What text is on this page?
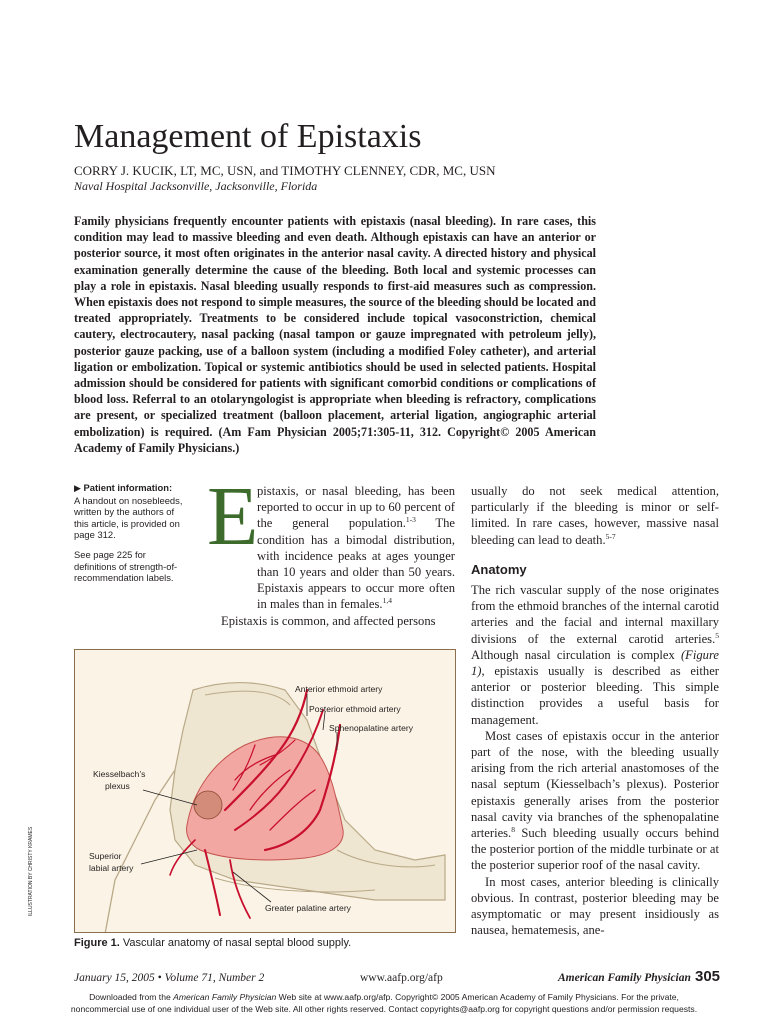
Management of Epistaxis
CORRY J. KUCIK, LT, MC, USN, and TIMOTHY CLENNEY, CDR, MC, USN
Naval Hospital Jacksonville, Jacksonville, Florida

Family physicians frequently encounter patients with epistaxis (nasal bleeding). In rare cases, this condition may lead to massive bleeding and even death. Although epistaxis can have an anterior or posterior source, it most often originates in the anterior nasal cavity. A directed history and physical examination generally determine the cause of the bleeding. Both local and systemic processes can play a role in epistaxis. Nasal bleeding usually responds to first-aid measures such as compression. When epistaxis does not respond to simple measures, the source of the bleeding should be located and treated appropriately. Treatments to be considered include topical vasoconstriction, chemical cautery, electrocautery, nasal packing (nasal tampon or gauze impregnated with petroleum jelly), posterior gauze packing, use of a balloon system (including a modified Foley catheter), and arterial ligation or embolization. Topical or systemic antibiotics should be used in selected patients. Hospital admission should be considered for patients with significant comorbid conditions or complications of blood loss. Referral to an otolaryngologist is appropriate when bleeding is refractory, complications are present, or specialized treatment (balloon placement, arterial ligation, angiographic arterial embolization) is required. (Am Fam Physician 2005;71:305-11, 312. Copyright© 2005 American Academy of Family Physicians.)

▶ Patient information:
A handout on nosebleeds, written by the authors of this article, is provided on page 312.

See page 225 for definitions of strength-of-recommendation labels.

E

pistaxis, or nasal bleeding, has been reported to occur in up to 60 percent of the general population.$^{1-3}$ The condition has a bimodal distribution, with incidence peaks at ages younger than 10 years and older than 50 years. Epistaxis appears to occur more often in males than in females.$^{1,4}$

Epistaxis is common, and affected persons

usually do not seek medical attention, particularly if the bleeding is minor or self-limited. In rare cases, however, massive nasal bleeding can lead to death.$^{5-7}$

Anatomy

The rich vascular supply of the nose originates from the ethmoid branches of the internal carotid arteries and the facial and internal maxillary divisions of the external carotid arteries.$^5$ Although nasal circulation is complex (Figure 1), epistaxis usually is described as either anterior or posterior bleeding. This simple distinction provides a useful basis for management.

Most cases of epistaxis occur in the anterior part of the nose, with the bleeding usually arising from the rich arterial anastomoses of the nasal septum (Kiesselbach’s plexus). Posterior epistaxis generally arises from the posterior nasal cavity via branches of the sphenopalatine arteries.$^8$ Such bleeding usually occurs behind the posterior portion of the middle turbinate or at the posterior superior roof of the nasal cavity.

In most cases, anterior bleeding is clinically obvious. In contrast, posterior bleeding may be asymptomatic or may present insidiously as nausea, hematemesis, ane-

Anterior ethmoid artery
Posterior ethmoid artery
Sphenopalatine artery
Kiesselbach’s
plexus
Superior
labial artery
Greater palatine artery
ILLUSTRATION BY CHRISTY KRAMES
Figure 1. Vascular anatomy of nasal septal blood supply.
January 15, 2005 • Volume 71, Number 2	www.aafp.org/afp	American Family Physician 305
Downloaded from the American Family Physician Web site at www.aafp.org/afp. Copyright© 2005 American Academy of Family Physicians. For the private, noncommercial use of one individual user of the Web site. All other rights reserved. Contact copyrights@aafp.org for copyright questions and/or permission requests.
